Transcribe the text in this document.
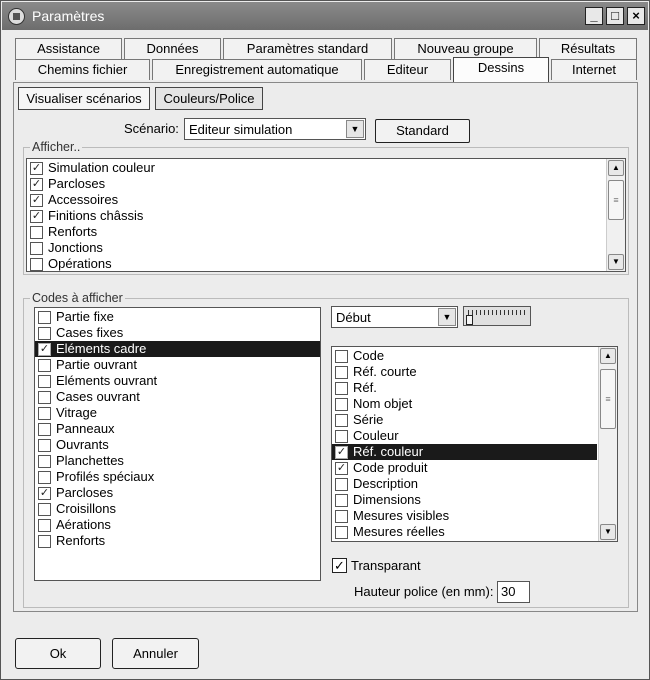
Paramètres	_	□	×
Assistance	Données	Paramètres standard	Nouveau groupe	Résultats
Chemins fichier	Enregistrement automatique	Editeur	Dessins	Internet
Visualiser scénarios	Couleurs/Police
Scénario: Editeur simulation	▼	Standard
Afficher..
✓ Simulation couleur
✓ Parcloses
✓ Accessoires
✓ Finitions châssis
Renforts
Jonctions
Opérations
▲
≡
▼
Codes à afficher
Partie fixe
Cases fixes
✓ Eléments cadre
Partie ouvrant
Eléments ouvrant
Cases ouvrant
Vitrage
Panneaux
Ouvrants
Planchettes
Profilés spéciaux
✓ Parcloses
Croisillons
Aérations
Renforts
Début	▼
Code
Réf. courte
Réf.
Nom objet
Série
Couleur
✓ Réf. couleur
✓ Code produit
Description
Dimensions
Mesures visibles
Mesures réelles
▲
≡
▼
✓ Transparant
Hauteur police (en mm): 30
Ok	Annuler
